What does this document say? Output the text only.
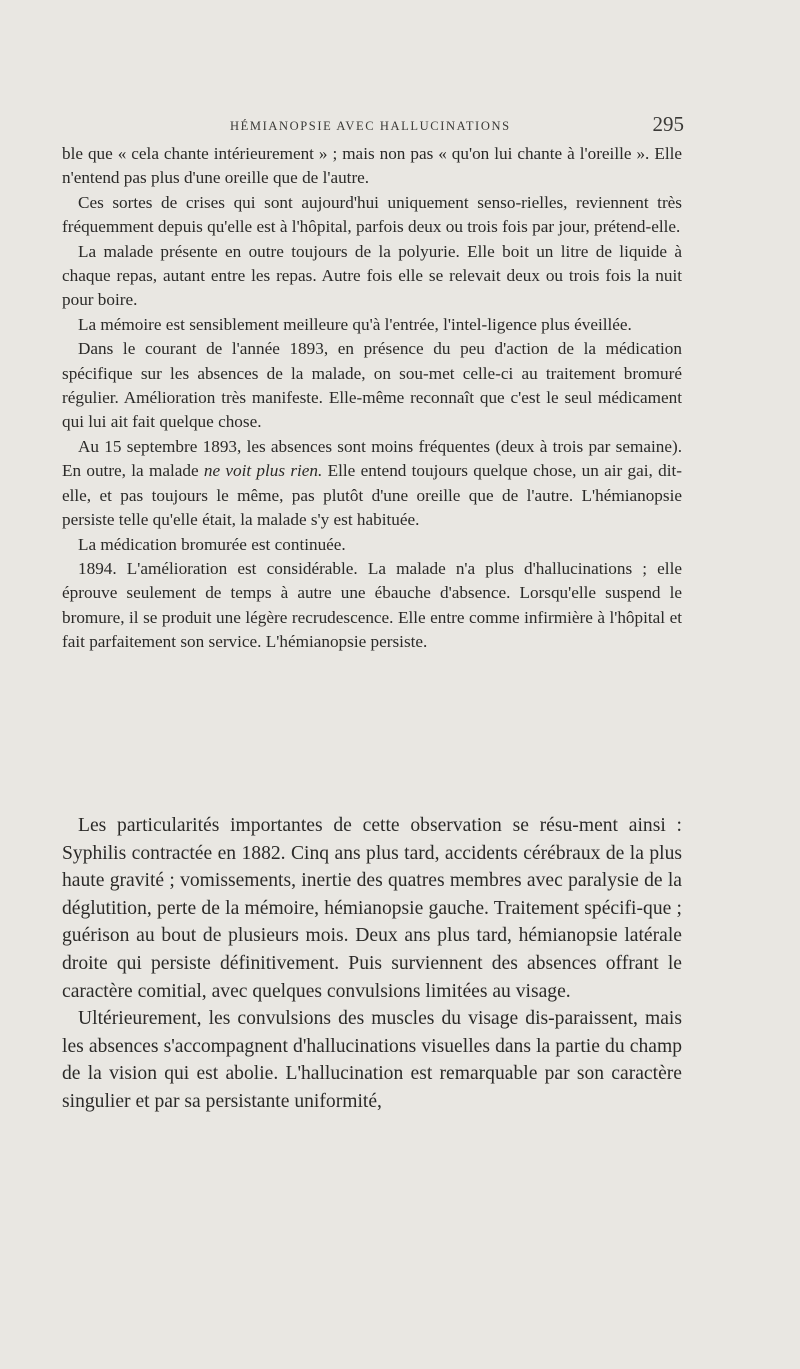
HÉMIANOPSIE AVEC HALLUCINATIONS	295

ble que « cela chante intérieurement » ; mais non pas « qu'on lui chante à l'oreille ». Elle n'entend pas plus d'une oreille que de l'autre.

Ces sortes de crises qui sont aujourd'hui uniquement senso-rielles, reviennent très fréquemment depuis qu'elle est à l'hôpital, parfois deux ou trois fois par jour, prétend-elle.

La malade présente en outre toujours de la polyurie. Elle boit un litre de liquide à chaque repas, autant entre les repas. Autre fois elle se relevait deux ou trois fois la nuit pour boire.

La mémoire est sensiblement meilleure qu'à l'entrée, l'intel-ligence plus éveillée.

Dans le courant de l'année 1893, en présence du peu d'action de la médication spécifique sur les absences de la malade, on sou-met celle-ci au traitement bromuré régulier. Amélioration très manifeste. Elle-même reconnaît que c'est le seul médicament qui lui ait fait quelque chose.

Au 15 septembre 1893, les absences sont moins fréquentes (deux à trois par semaine). En outre, la malade ne voit plus rien. Elle entend toujours quelque chose, un air gai, dit-elle, et pas toujours le même, pas plutôt d'une oreille que de l'autre. L'hémianopsie persiste telle qu'elle était, la malade s'y est habituée.

La médication bromurée est continuée.

1894. L'amélioration est considérable. La malade n'a plus d'hallucinations ; elle éprouve seulement de temps à autre une ébauche d'absence. Lorsqu'elle suspend le bromure, il se produit une légère recrudescence. Elle entre comme infirmière à l'hôpital et fait parfaitement son service. L'hémianopsie persiste.

Les particularités importantes de cette observation se résu-ment ainsi : Syphilis contractée en 1882. Cinq ans plus tard, accidents cérébraux de la plus haute gravité ; vomissements, inertie des quatres membres avec paralysie de la déglutition, perte de la mémoire, hémianopsie gauche. Traitement spécifi-que ; guérison au bout de plusieurs mois. Deux ans plus tard, hémianopsie latérale droite qui persiste définitivement. Puis surviennent des absences offrant le caractère comitial, avec quelques convulsions limitées au visage.

Ultérieurement, les convulsions des muscles du visage dis-paraissent, mais les absences s'accompagnent d'hallucinations visuelles dans la partie du champ de la vision qui est abolie. L'hallucination est remarquable par son caractère singulier et par sa persistante uniformité,
